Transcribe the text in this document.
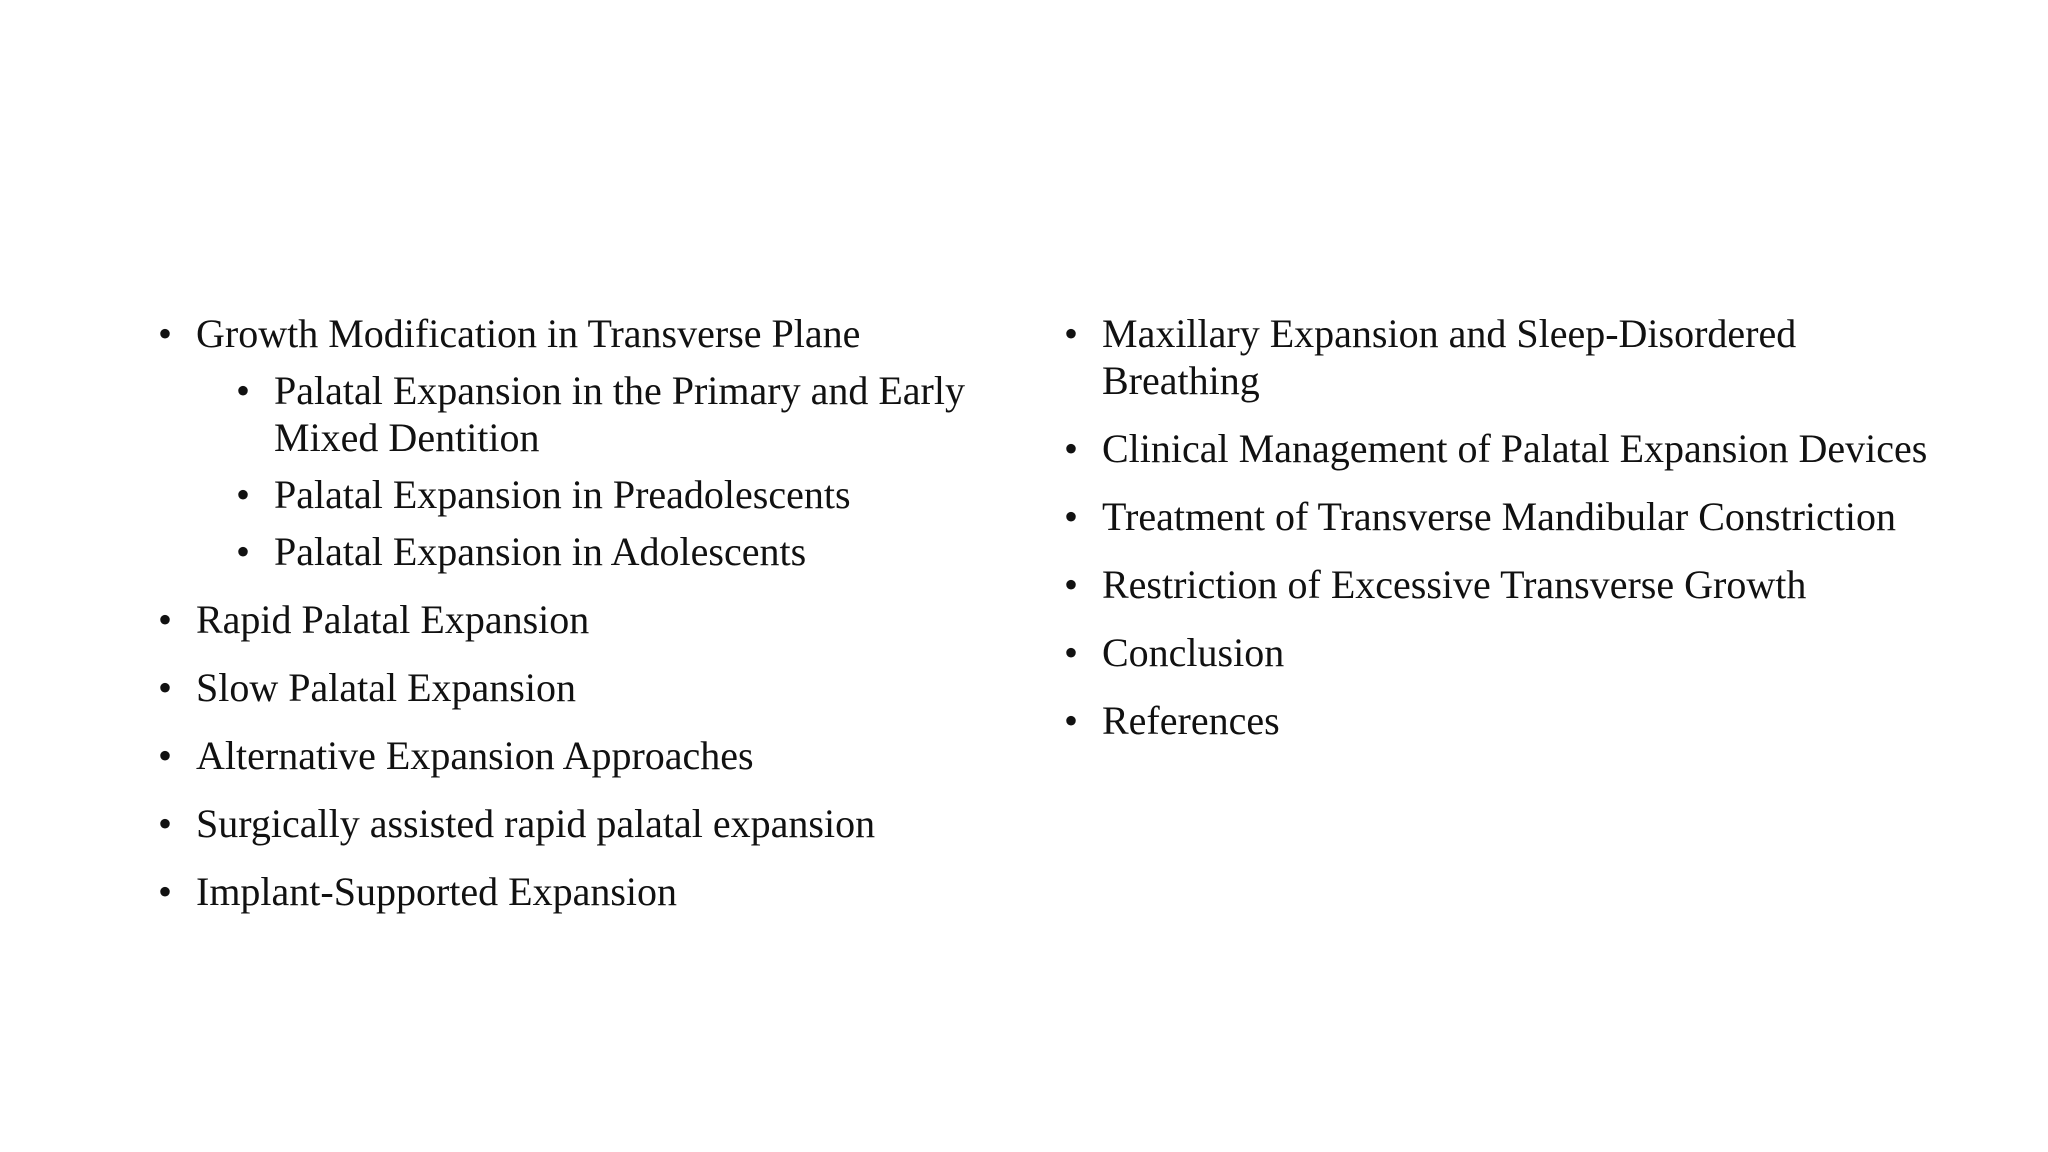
• Growth Modification in Transverse Plane
• Palatal Expansion in the Primary and Early Mixed Dentition
• Palatal Expansion in Preadolescents
• Palatal Expansion in Adolescents
• Rapid Palatal Expansion
• Slow Palatal Expansion
• Alternative Expansion Approaches
• Surgically assisted rapid palatal expansion
• Implant-Supported Expansion
• Maxillary Expansion and Sleep-Disordered Breathing
• Clinical Management of Palatal Expansion Devices
• Treatment of Transverse Mandibular Constriction
• Restriction of Excessive Transverse Growth
• Conclusion
• References
